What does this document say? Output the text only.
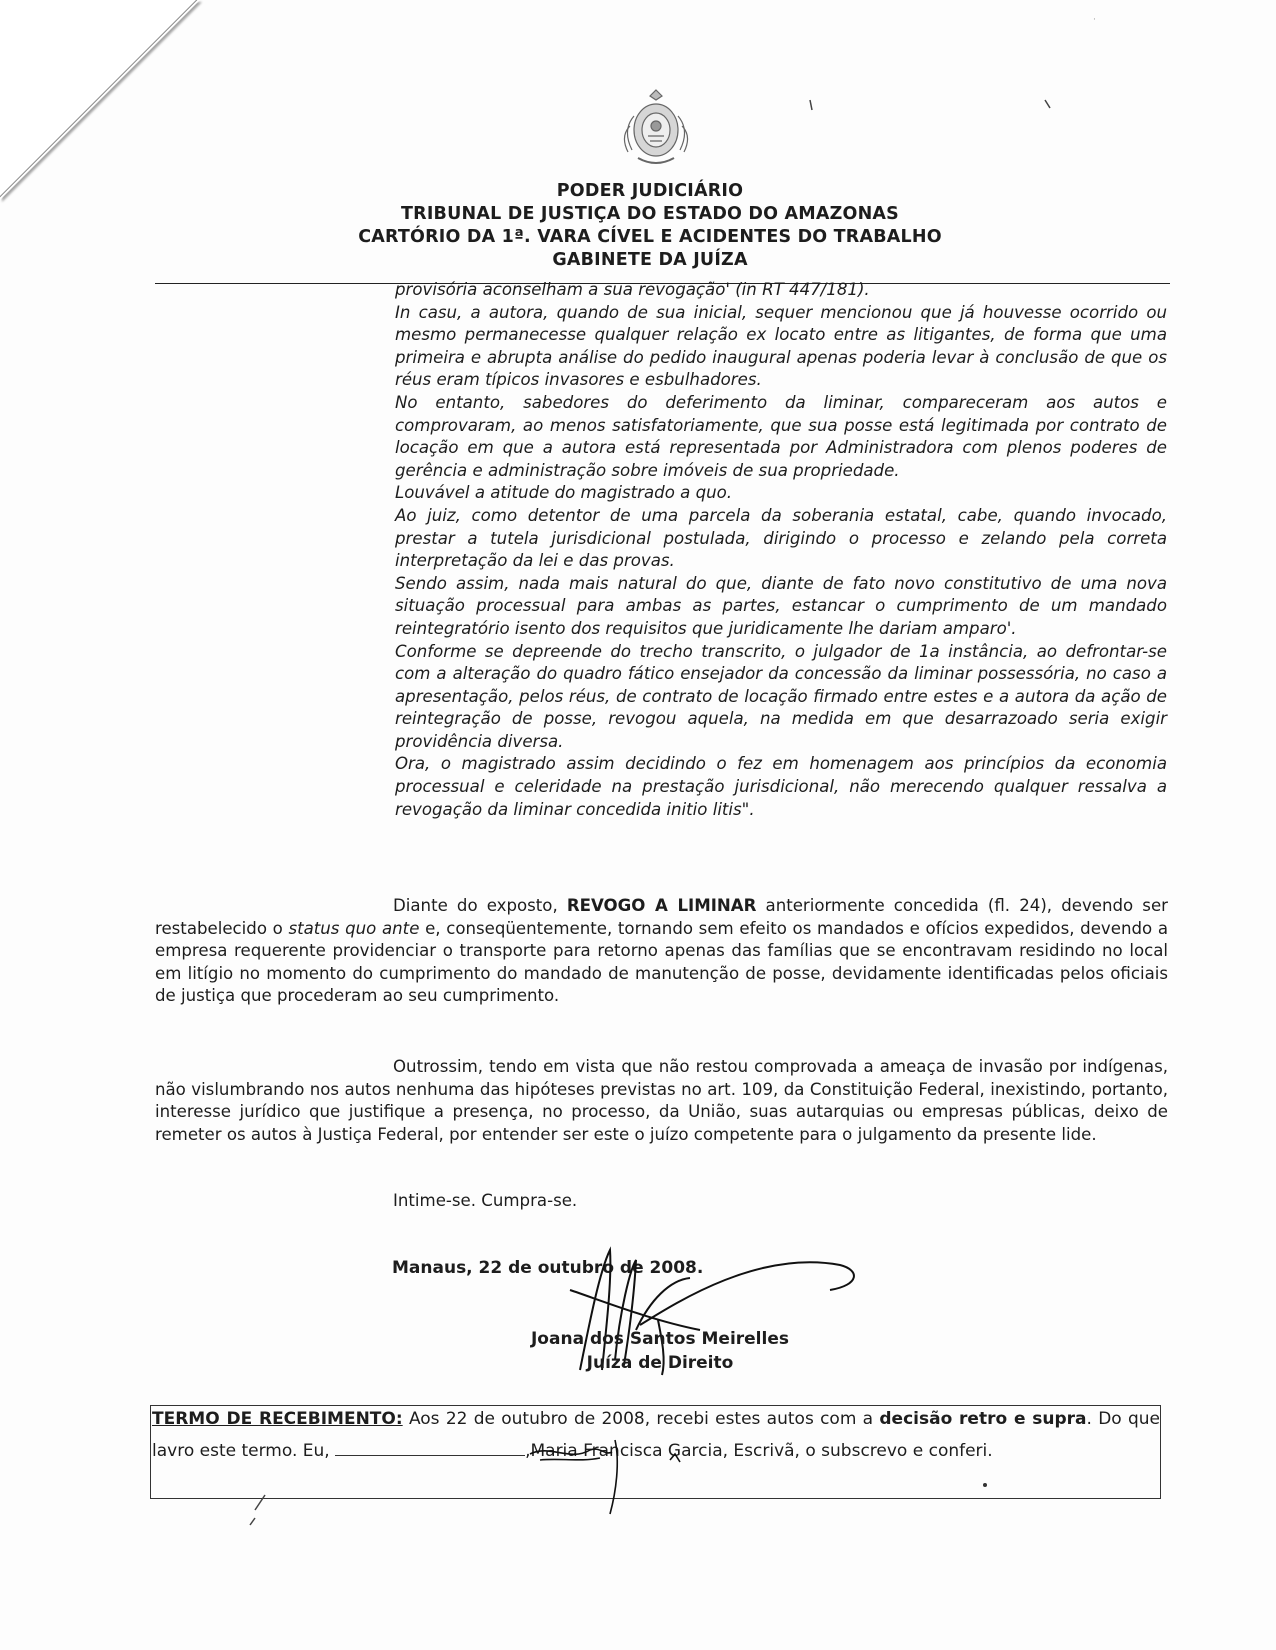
PODER JUDICIÁRIO
TRIBUNAL DE JUSTIÇA DO ESTADO DO AMAZONAS
CARTÓRIO DA 1ª. VARA CÍVEL E ACIDENTES DO TRABALHO
GABINETE DA JUÍZA

provisória aconselham a sua revogação' (in RT 447/181).

In casu, a autora, quando de sua inicial, sequer mencionou que já houvesse ocorrido ou mesmo permanecesse qualquer relação ex locato entre as litigantes, de forma que uma primeira e abrupta análise do pedido inaugural apenas poderia levar à conclusão de que os réus eram típicos invasores e esbulhadores.

No entanto, sabedores do deferimento da liminar, compareceram aos autos e comprovaram, ao menos satisfatoriamente, que sua posse está legitimada por contrato de locação em que a autora está representada por Administradora com plenos poderes de gerência e administração sobre imóveis de sua propriedade.

Louvável a atitude do magistrado a quo.

Ao juiz, como detentor de uma parcela da soberania estatal, cabe, quando invocado, prestar a tutela jurisdicional postulada, dirigindo o processo e zelando pela correta interpretação da lei e das provas.

Sendo assim, nada mais natural do que, diante de fato novo constitutivo de uma nova situação processual para ambas as partes, estancar o cumprimento de um mandado reintegratório isento dos requisitos que juridicamente lhe dariam amparo'.

Conforme se depreende do trecho transcrito, o julgador de 1a instância, ao defrontar-se com a alteração do quadro fático ensejador da concessão da liminar possessória, no caso a apresentação, pelos réus, de contrato de locação firmado entre estes e a autora da ação de reintegração de posse, revogou aquela, na medida em que desarrazoado seria exigir providência diversa.

Ora, o magistrado assim decidindo o fez em homenagem aos princípios da economia processual e celeridade na prestação jurisdicional, não merecendo qualquer ressalva a revogação da liminar concedida initio litis".

Diante do exposto, REVOGO A LIMINAR anteriormente concedida (fl. 24), devendo ser restabelecido o status quo ante e, conseqüentemente, tornando sem efeito os mandados e ofícios expedidos, devendo a empresa requerente providenciar o transporte para retorno apenas das famílias que se encontravam residindo no local em litígio no momento do cumprimento do mandado de manutenção de posse, devidamente identificadas pelos oficiais de justiça que procederam ao seu cumprimento.

Outrossim, tendo em vista que não restou comprovada a ameaça de invasão por indígenas, não vislumbrando nos autos nenhuma das hipóteses previstas no art. 109, da Constituição Federal, inexistindo, portanto, interesse jurídico que justifique a presença, no processo, da União, suas autarquias ou empresas públicas, deixo de remeter os autos à Justiça Federal, por entender ser este o juízo competente para o julgamento da presente lide.

Intime-se. Cumpra-se.

Manaus, 22 de outubro de 2008.
Joana dos Santos Meirelles
Juíza de Direito

TERMO DE RECEBIMENTO: Aos 22 de outubro de 2008, recebi estes autos com a decisão retro e supra. Do que lavro este termo. Eu,	,Maria Francisca Garcia, Escrivã, o subscrevo e conferi.

·
